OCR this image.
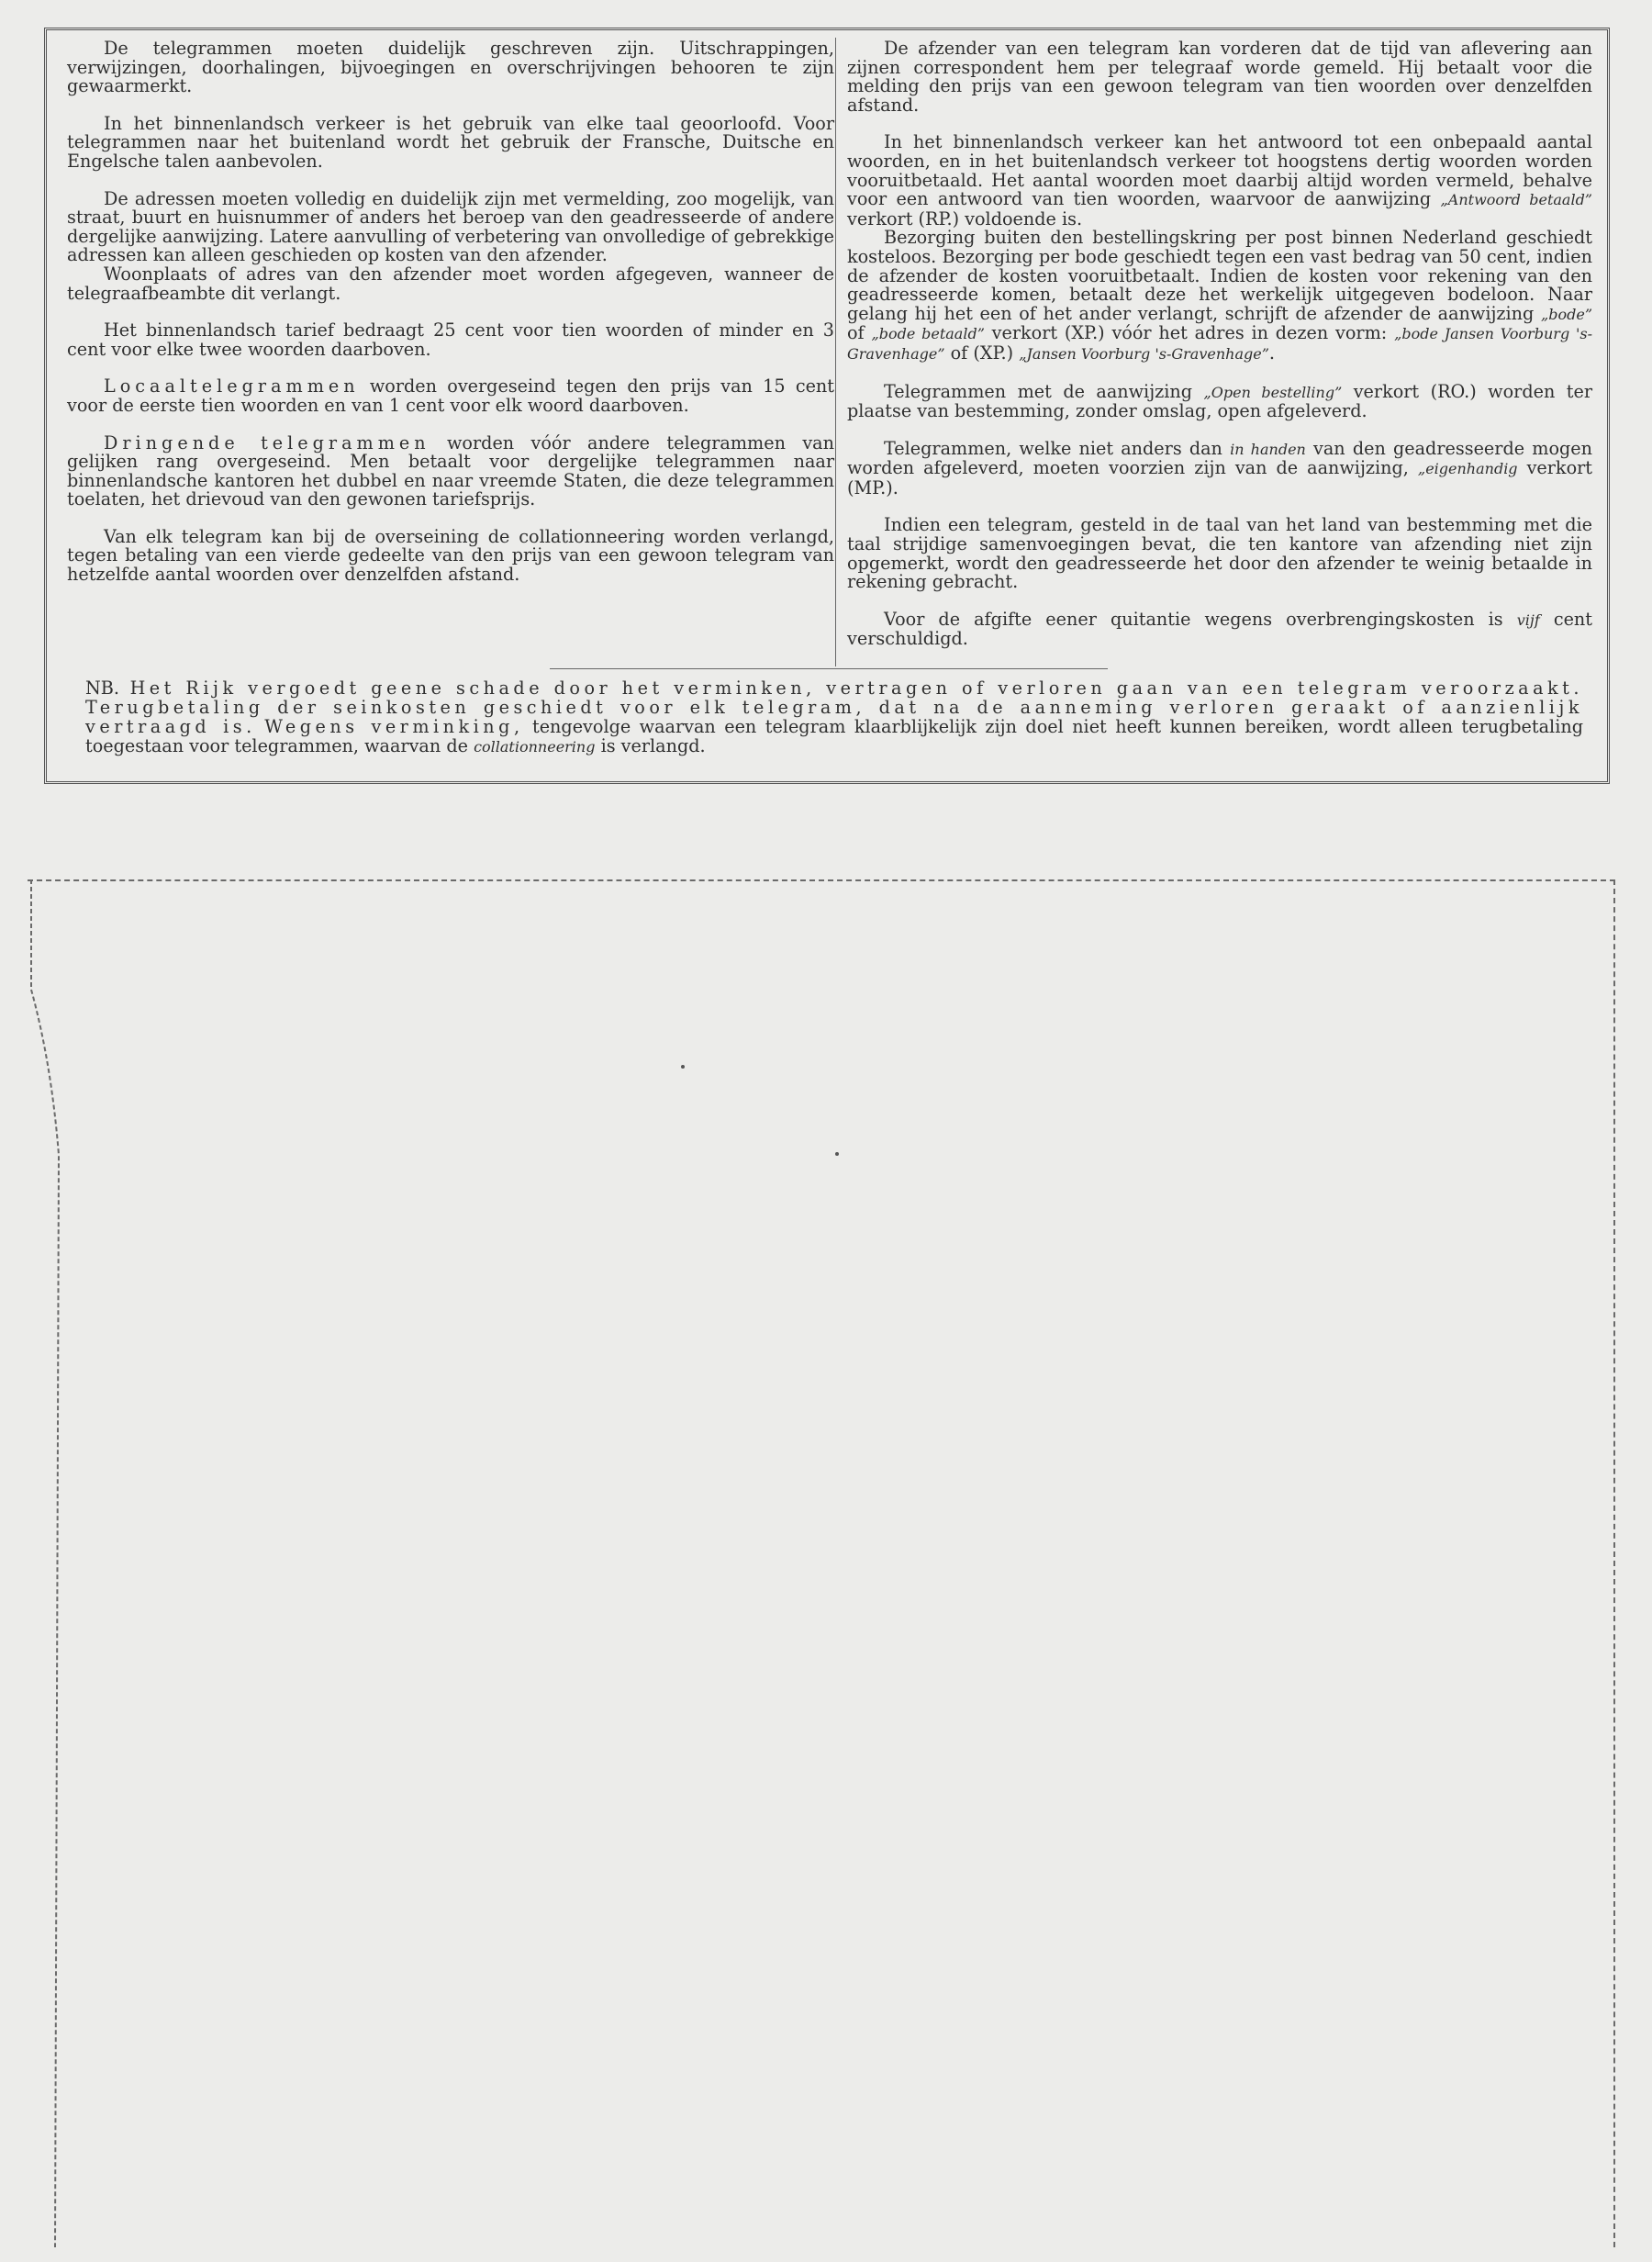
De telegrammen moeten duidelijk geschreven zijn. Uitschrappingen, verwijzingen, doorhalingen, bijvoegingen en overschrijvingen behooren te zijn gewaarmerkt.

In het binnenlandsch verkeer is het gebruik van elke taal geoorloofd. Voor telegrammen naar het buitenland wordt het gebruik der Fransche, Duitsche en Engelsche talen aanbevolen.

De adressen moeten volledig en duidelijk zijn met vermelding, zoo mogelijk, van straat, buurt en huisnummer of anders het beroep van den geadresseerde of andere dergelijke aanwijzing. Latere aanvulling of verbetering van onvolledige of gebrekkige adressen kan alleen geschieden op kosten van den afzender.

Woonplaats of adres van den afzender moet worden afgegeven, wanneer de telegraafbeambte dit verlangt.

Het binnenlandsch tarief bedraagt 25 cent voor tien woorden of minder en 3 cent voor elke twee woorden daarboven.

Locaaltelegrammen worden overgeseind tegen den prijs van 15 cent voor de eerste tien woorden en van 1 cent voor elk woord daarboven.

Dringende telegrammen worden vóór andere telegrammen van gelijken rang overgeseind. Men betaalt voor dergelijke telegrammen naar binnenlandsche kantoren het dubbel en naar vreemde Staten, die deze telegrammen toelaten, het drievoud van den gewonen tariefsprijs.

Van elk telegram kan bij de overseining de collationneering worden verlangd, tegen betaling van een vierde gedeelte van den prijs van een gewoon telegram van hetzelfde aantal woorden over denzelfden afstand.

De afzender van een telegram kan vorderen dat de tijd van aflevering aan zijnen correspondent hem per telegraaf worde gemeld. Hij betaalt voor die melding den prijs van een gewoon telegram van tien woorden over denzelfden afstand.

In het binnenlandsch verkeer kan het antwoord tot een onbepaald aantal woorden, en in het buitenlandsch verkeer tot hoogstens dertig woorden worden vooruitbetaald. Het aantal woorden moet daarbij altijd worden vermeld, behalve voor een antwoord van tien woorden, waarvoor de aanwijzing „Antwoord betaald” verkort (RP.) voldoende is.

Bezorging buiten den bestellingskring per post binnen Nederland geschiedt kosteloos. Bezorging per bode geschiedt tegen een vast bedrag van 50 cent, indien de afzender de kosten vooruitbetaalt. Indien de kosten voor rekening van den geadresseerde komen, betaalt deze het werkelijk uitgegeven bodeloon. Naar gelang hij het een of het ander verlangt, schrijft de afzender de aanwijzing „bode” of „bode betaald” verkort (XP.) vóór het adres in dezen vorm: „bode Jansen Voorburg 's-Gravenhage” of (XP.) „Jansen Voorburg 's-Gravenhage”.

Telegrammen met de aanwijzing „Open bestelling” verkort (RO.) worden ter plaatse van bestemming, zonder omslag, open afgeleverd.

Telegrammen, welke niet anders dan in handen van den geadresseerde mogen worden afgeleverd, moeten voorzien zijn van de aanwijzing, „eigenhandig verkort (MP.).

Indien een telegram, gesteld in de taal van het land van bestemming met die taal strijdige samenvoegingen bevat, die ten kantore van afzending niet zijn opgemerkt, wordt den geadresseerde het door den afzender te weinig betaalde in rekening gebracht.

Voor de afgifte eener quitantie wegens overbrengingskosten is vijf cent verschuldigd.

NB. Het Rijk vergoedt geene schade door het verminken, vertragen of verloren gaan van een telegram veroorzaakt. Terugbetaling der seinkosten geschiedt voor elk telegram, dat na de aanneming verloren geraakt of aanzienlijk vertraagd is. Wegens verminking, tengevolge waarvan een telegram klaarblijkelijk zijn doel niet heeft kunnen bereiken, wordt alleen terugbetaling toegestaan voor telegrammen, waarvan de collationneering is verlangd.
